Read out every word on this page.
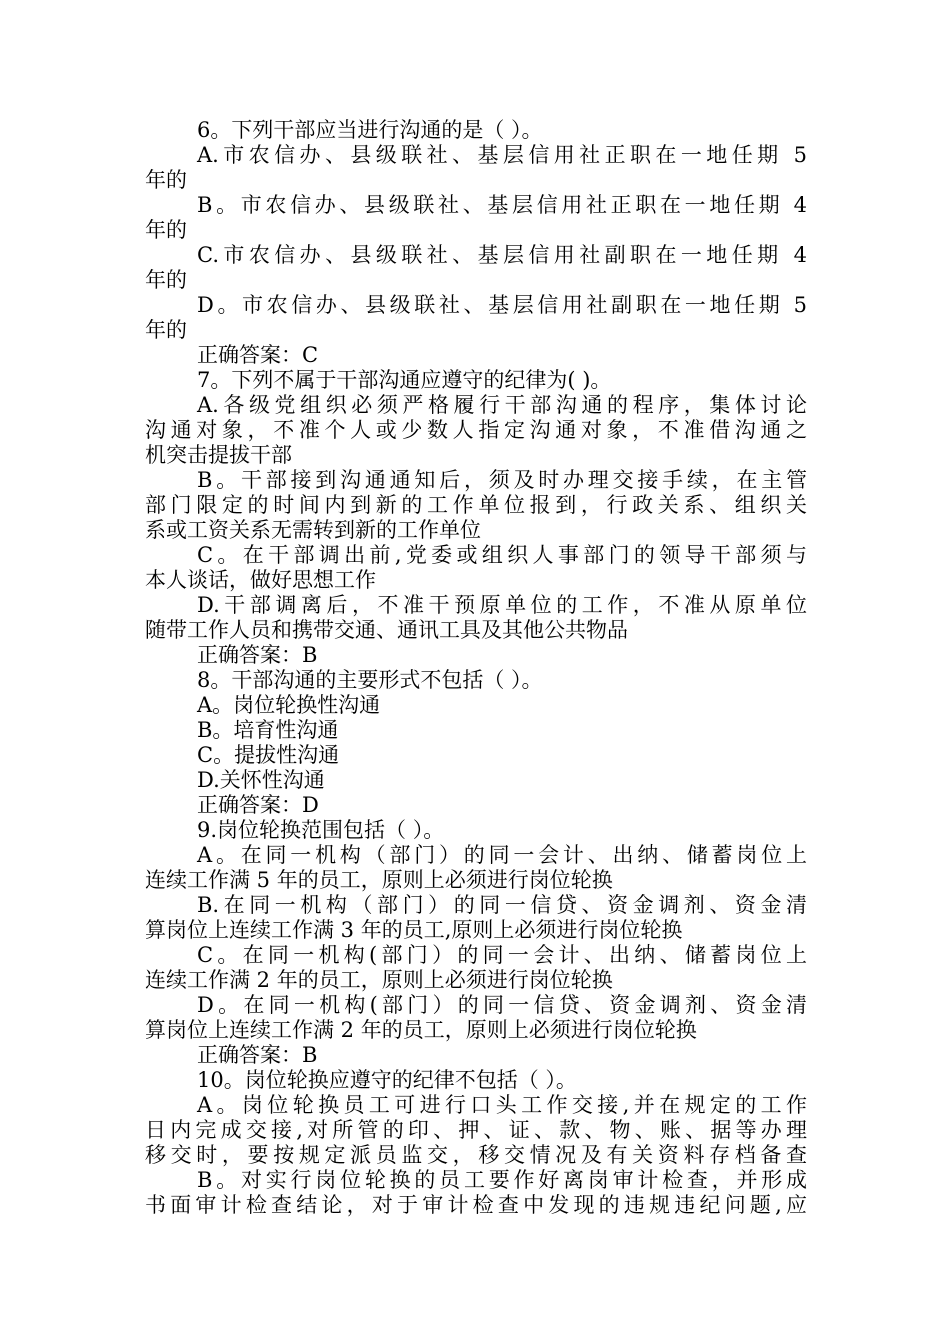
6。下列干部应当进行沟通的是（ ）。
A.市农信办、县级联社、基层信用社正职在一地任期 5
年的
B。市农信办、县级联社、基层信用社正职在一地任期 4
年的
C.市农信办、县级联社、基层信用社副职在一地任期 4
年的
D。市农信办、县级联社、基层信用社副职在一地任期 5
年的
正确答案：C
7。下列不属于干部沟通应遵守的纪律为( )。
A.各级党组织必须严格履行干部沟通的程序，集体讨论
沟通对象，不准个人或少数人指定沟通对象，不准借沟通之
机突击提拔干部
B。干部接到沟通通知后，须及时办理交接手续，在主管
部门限定的时间内到新的工作单位报到，行政关系、组织关
系或工资关系无需转到新的工作单位
C。在干部调出前,党委或组织人事部门的领导干部须与
本人谈话，做好思想工作
D.干部调离后，不准干预原单位的工作，不准从原单位
随带工作人员和携带交通、通讯工具及其他公共物品
正确答案：B
8。干部沟通的主要形式不包括（ ）。
A。岗位轮换性沟通
B。培育性沟通
C。提拔性沟通
D.关怀性沟通
正确答案：D
9.岗位轮换范围包括（ ）。
A。在同一机构（部门）的同一会计、出纳、储蓄岗位上
连续工作满 5 年的员工，原则上必须进行岗位轮换
B.在同一机构（部门）的同一信贷、资金调剂、资金清
算岗位上连续工作满 3 年的员工,原则上必须进行岗位轮换
C。在同一机构(部门）的同一会计、出纳、储蓄岗位上
连续工作满 2 年的员工，原则上必须进行岗位轮换
D。在同一机构(部门）的同一信贷、资金调剂、资金清
算岗位上连续工作满 2 年的员工，原则上必须进行岗位轮换
正确答案：B
10。岗位轮换应遵守的纪律不包括（ ）。
A。岗位轮换员工可进行口头工作交接,并在规定的工作
日内完成交接,对所管的印、押、证、款、物、账、据等办理
移交时，要按规定派员监交，移交情况及有关资料存档备查
B。对实行岗位轮换的员工要作好离岗审计检查，并形成
书面审计检查结论，对于审计检查中发现的违规违纪问题,应
